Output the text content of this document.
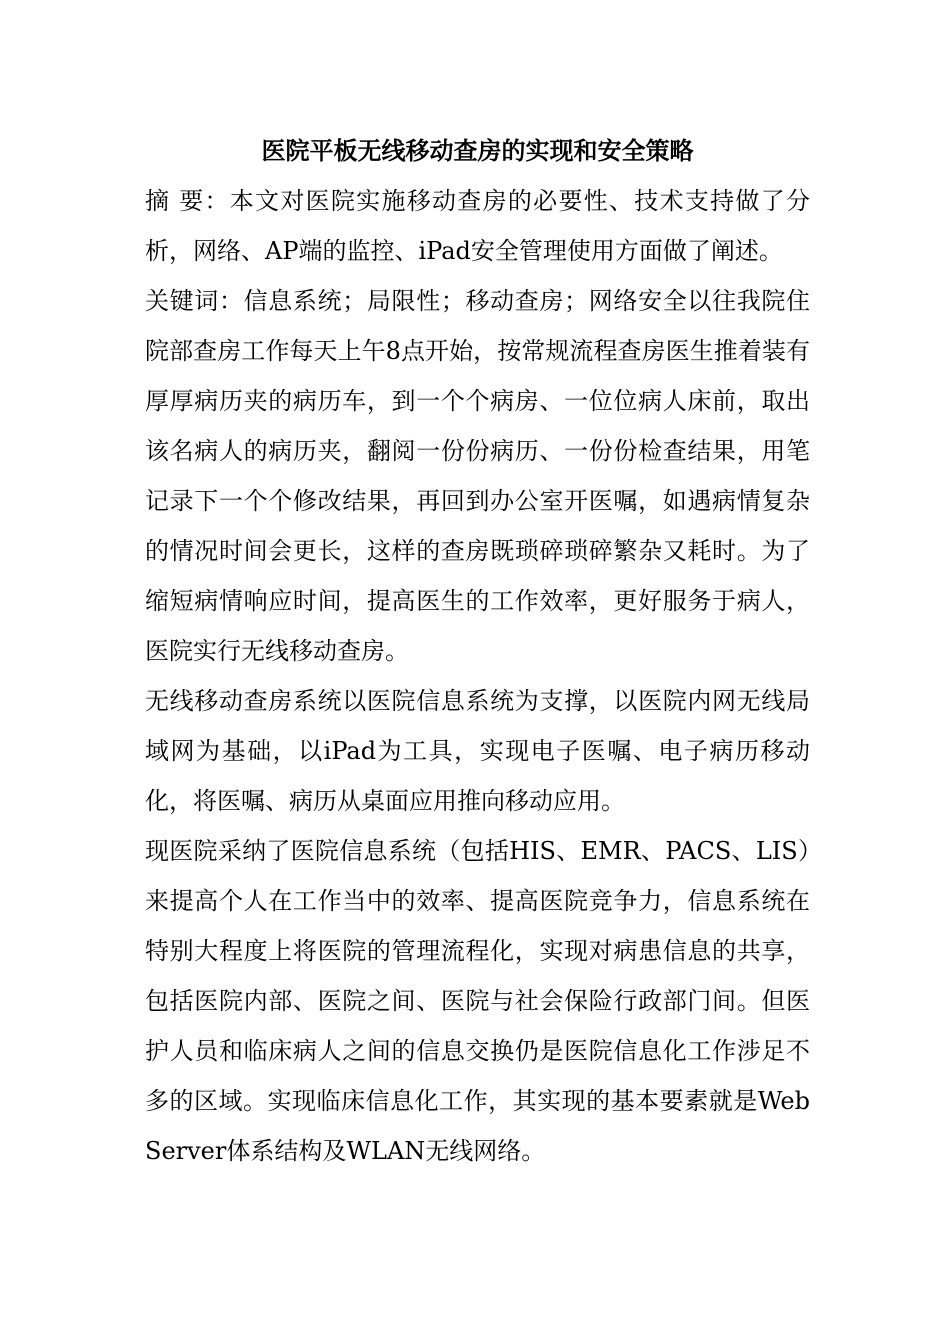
医院平板无线移动查房的实现和安全策略

摘 要：本文对医院实施移动查房的必要性、技术支持做了分析，网络、AP端的监控、iPad安全管理使用方面做了阐述。

关键词：信息系统；局限性；移动查房；网络安全以往我院住院部查房工作每天上午8点开始，按常规流程查房医生推着装有厚厚病历夹的病历车，到一个个病房、一位位病人床前，取出该名病人的病历夹，翻阅一份份病历、一份份检查结果，用笔记录下一个个修改结果，再回到办公室开医嘱，如遇病情复杂的情况时间会更长，这样的查房既琐碎琐碎繁杂又耗时。为了缩短病情响应时间，提高医生的工作效率，更好服务于病人，医院实行无线移动查房。

无线移动查房系统以医院信息系统为支撑，以医院内网无线局域网为基础，以iPad为工具，实现电子医嘱、电子病历移动化，将医嘱、病历从桌面应用推向移动应用。

现医院采纳了医院信息系统（包括HIS、EMR、PACS、LIS）来提高个人在工作当中的效率、提高医院竞争力，信息系统在特别大程度上将医院的管理流程化，实现对病患信息的共享，包括医院内部、医院之间、医院与社会保险行政部门间。但医护人员和临床病人之间的信息交换仍是医院信息化工作涉足不多的区域。实现临床信息化工作，其实现的基本要素就是Web Server体系结构及WLAN无线网络。
